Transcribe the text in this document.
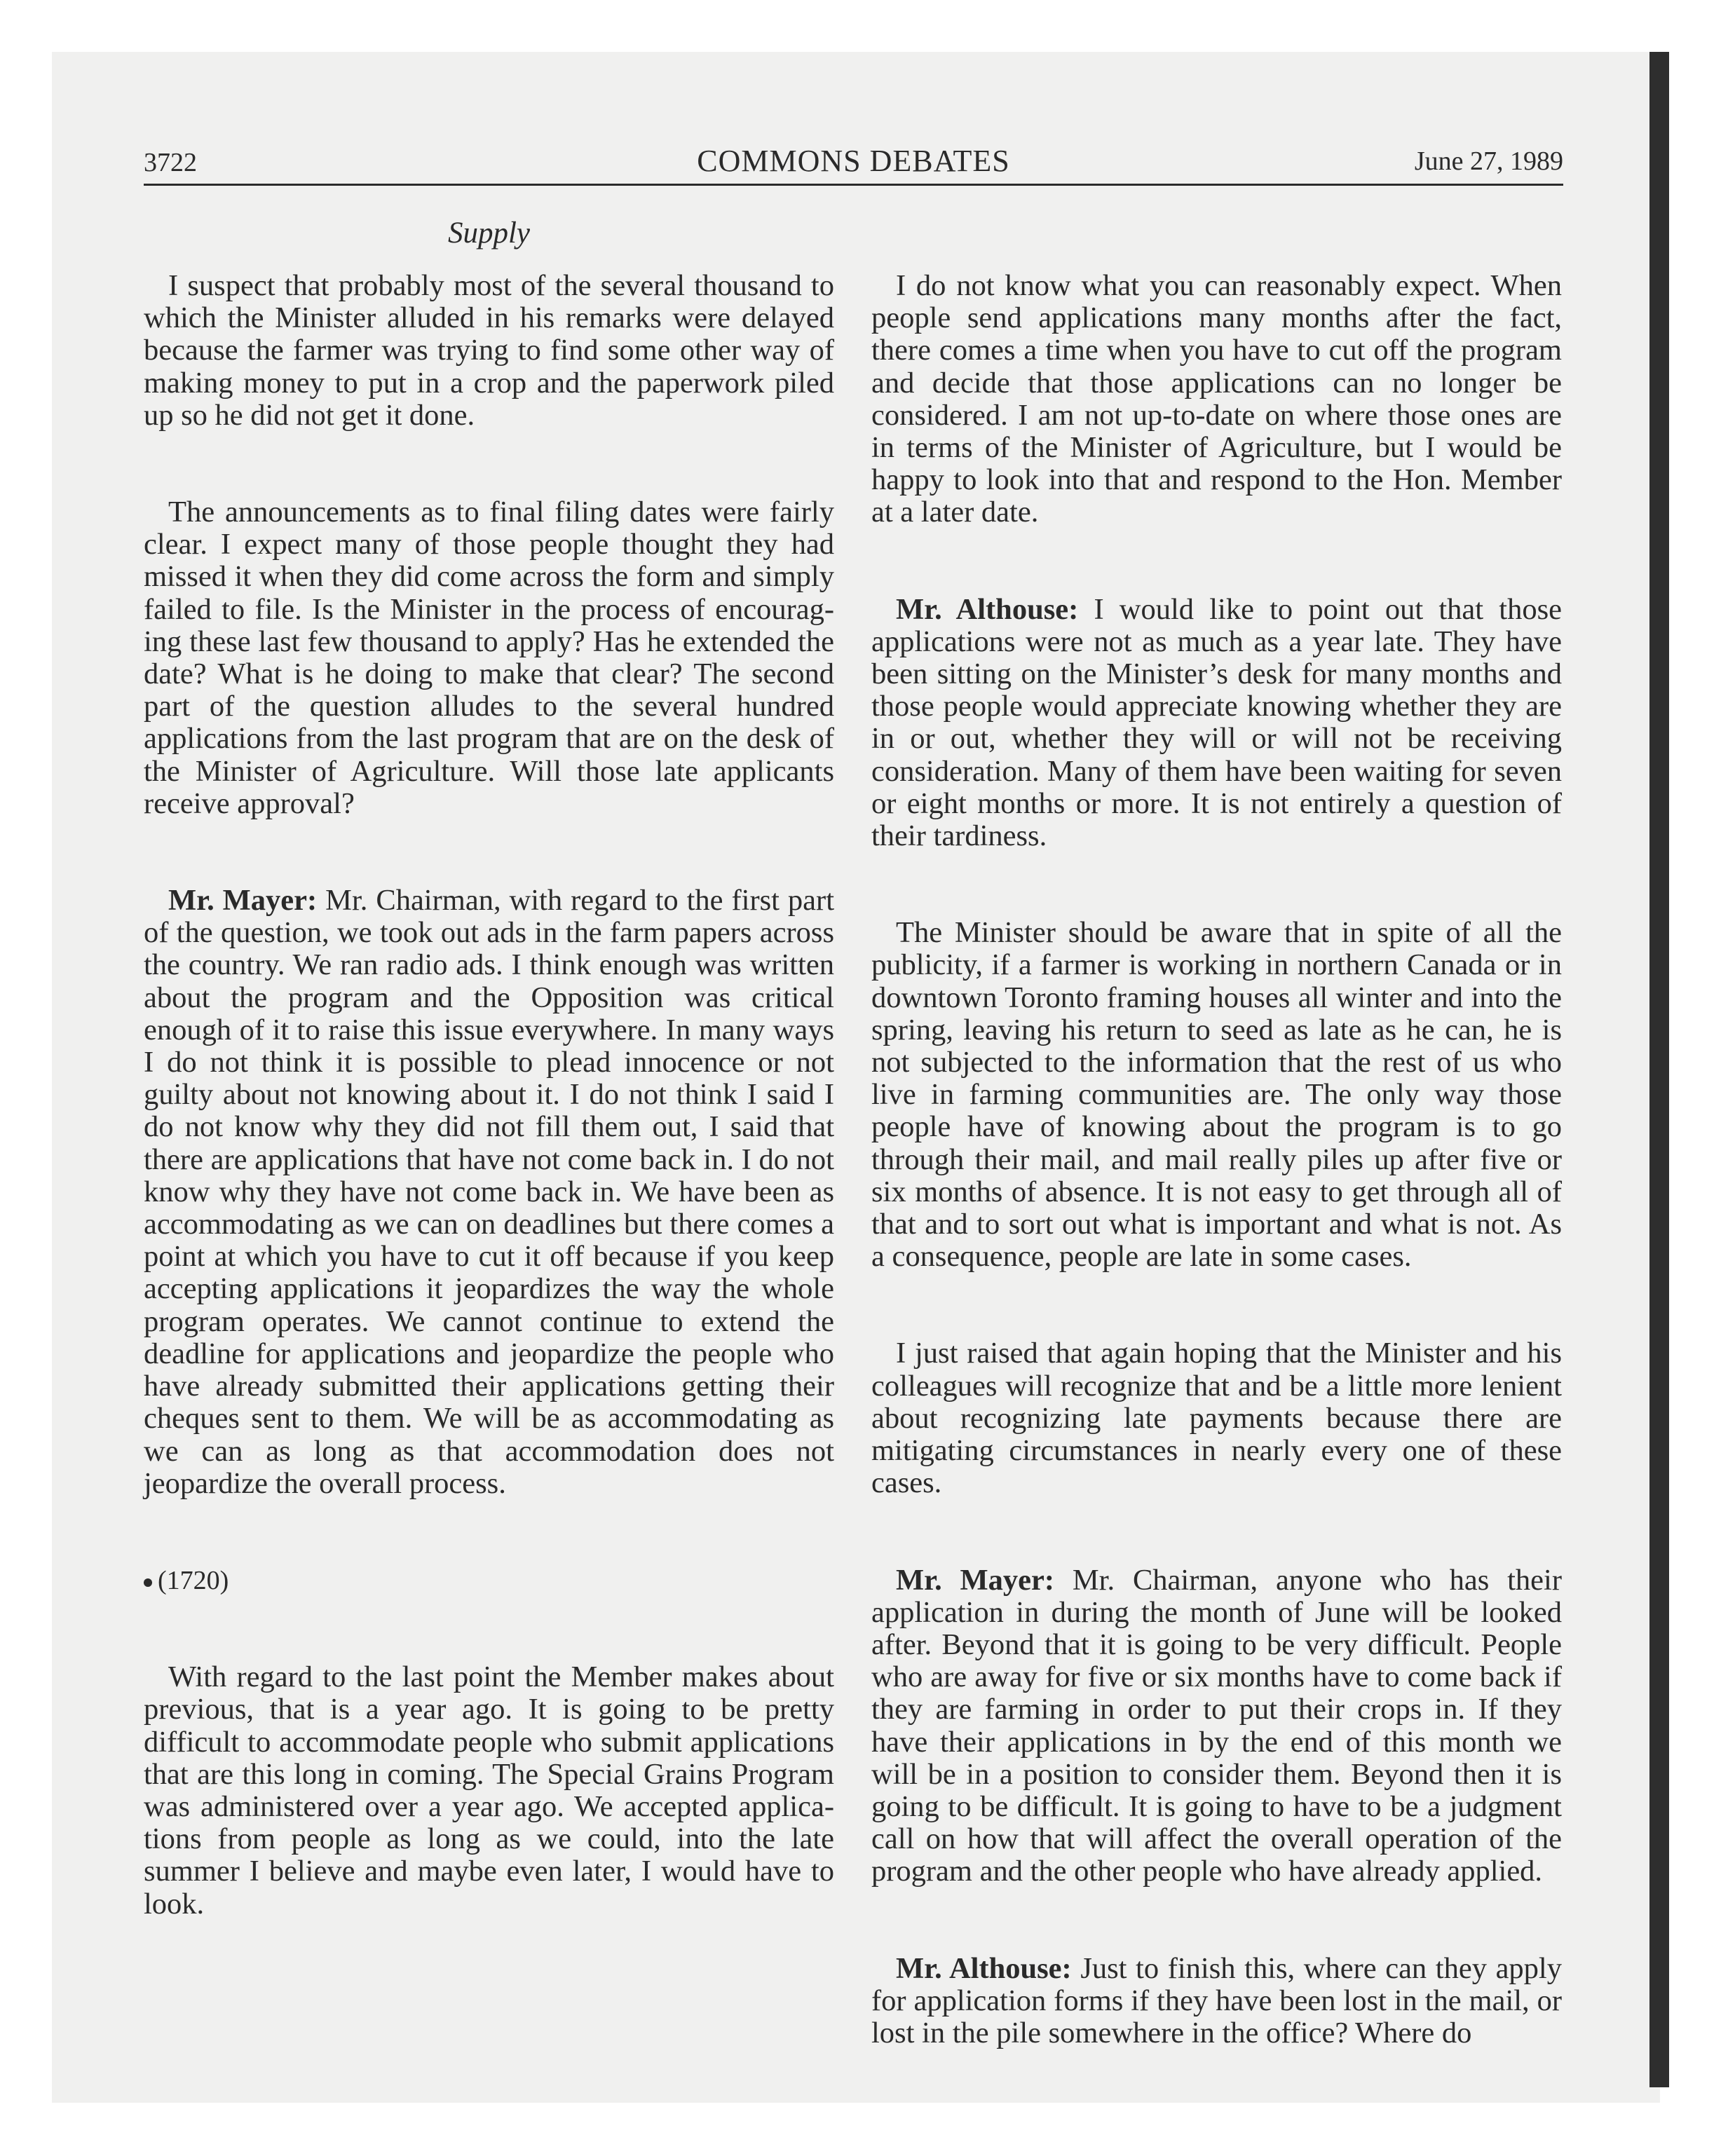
3722	COMMONS DEBATES	June 27, 1989
Supply

I suspect that probably most of the several thousand to which the Minister alluded in his remarks were delayed because the farmer was trying to find some other way of making money to put in a crop and the paperwork piled up so he did not get it done.

The announcements as to final filing dates were fairly clear. I expect many of those people thought they had missed it when they did come across the form and simply failed to file. Is the Minister in the process of encouraging these last few thousand to apply? Has he extended the date? What is he doing to make that clear? The second part of the question alludes to the several hundred applications from the last program that are on the desk of the Minister of Agriculture. Will those late applicants receive approval?

Mr. Mayer: Mr. Chairman, with regard to the first part of the question, we took out ads in the farm papers across the country. We ran radio ads. I think enough was written about the program and the Opposition was critical enough of it to raise this issue everywhere. In many ways I do not think it is possible to plead innocence or not guilty about not knowing about it. I do not think I said I do not know why they did not fill them out, I said that there are applications that have not come back in. I do not know why they have not come back in. We have been as accommodating as we can on deadlines but there comes a point at which you have to cut it off because if you keep accepting applications it jeopardizes the way the whole program operates. We cannot continue to extend the deadline for applications and jeopardize the people who have already submitted their applications getting their cheques sent to them. We will be as accommodating as we can as long as that accommodation does not jeopardize the overall process.

(1720)

With regard to the last point the Member makes about previous, that is a year ago. It is going to be pretty difficult to accommodate people who submit applications that are this long in coming. The Special Grains Program was administered over a year ago. We accepted applications from people as long as we could, into the late summer I believe and maybe even later, I would have to look.

I do not know what you can reasonably expect. When people send applications many months after the fact, there comes a time when you have to cut off the program and decide that those applications can no longer be considered. I am not up-to-date on where those ones are in terms of the Minister of Agriculture, but I would be happy to look into that and respond to the Hon. Member at a later date.

Mr. Althouse: I would like to point out that those applications were not as much as a year late. They have been sitting on the Minister’s desk for many months and those people would appreciate knowing whether they are in or out, whether they will or will not be receiving consideration. Many of them have been waiting for seven or eight months or more. It is not entirely a question of their tardiness.

The Minister should be aware that in spite of all the publicity, if a farmer is working in northern Canada or in downtown Toronto framing houses all winter and into the spring, leaving his return to seed as late as he can, he is not subjected to the information that the rest of us who live in farming communities are. The only way those people have of knowing about the program is to go through their mail, and mail really piles up after five or six months of absence. It is not easy to get through all of that and to sort out what is important and what is not. As a consequence, people are late in some cases.

I just raised that again hoping that the Minister and his colleagues will recognize that and be a little more lenient about recognizing late payments because there are mitigating circumstances in nearly every one of these cases.

Mr. Mayer: Mr. Chairman, anyone who has their application in during the month of June will be looked after. Beyond that it is going to be very difficult. People who are away for five or six months have to come back if they are farming in order to put their crops in. If they have their applications in by the end of this month we will be in a position to consider them. Beyond then it is going to be difficult. It is going to have to be a judgment call on how that will affect the overall operation of the program and the other people who have already applied.

Mr. Althouse: Just to finish this, where can they apply for application forms if they have been lost in the mail, or lost in the pile somewhere in the office? Where do
